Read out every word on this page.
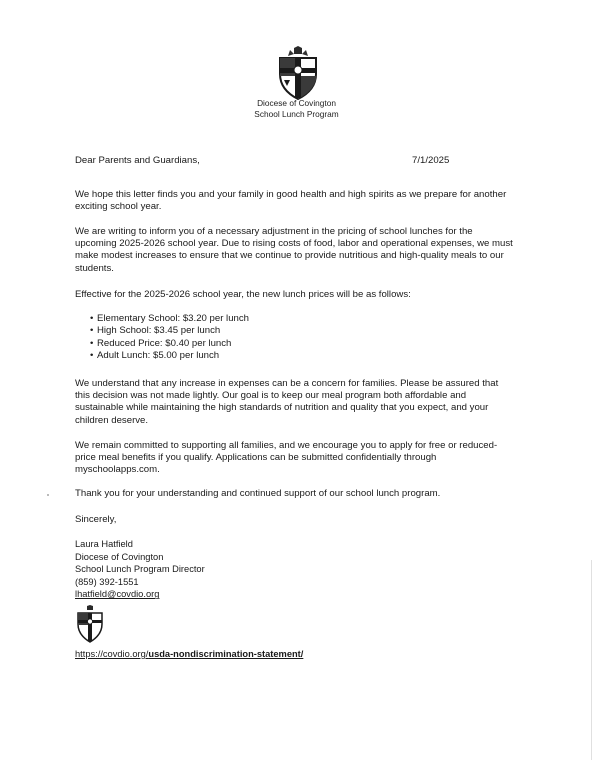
Diocese of Covington
School Lunch Program
Dear Parents and Guardians,	7/1/2025

We hope this letter finds you and your family in good health and high spirits as we prepare for another exciting school year.

We are writing to inform you of a necessary adjustment in the pricing of school lunches for the upcoming 2025-2026 school year. Due to rising costs of food, labor and operational expenses, we must make modest increases to ensure that we continue to provide nutritious and high-quality meals to our students.

Effective for the 2025-2026 school year, the new lunch prices will be as follows:

• Elementary School: $3.20 per lunch
• High School: $3.45 per lunch
• Reduced Price: $0.40 per lunch
• Adult Lunch: $5.00 per lunch

We understand that any increase in expenses can be a concern for families. Please be assured that this decision was not made lightly. Our goal is to keep our meal program both affordable and sustainable while maintaining the high standards of nutrition and quality that you expect, and your children deserve.

We remain committed to supporting all families, and we encourage you to apply for free or reduced-price meal benefits if you qualify. Applications can be submitted confidentially through myschoolapps.com.

Thank you for your understanding and continued support of our school lunch program.

Sincerely,

Laura Hatfield
Diocese of Covington
School Lunch Program Director
(859) 392-1551
lhatfield@covdio.org
https://covdio.org/usda-nondiscrimination-statement/
